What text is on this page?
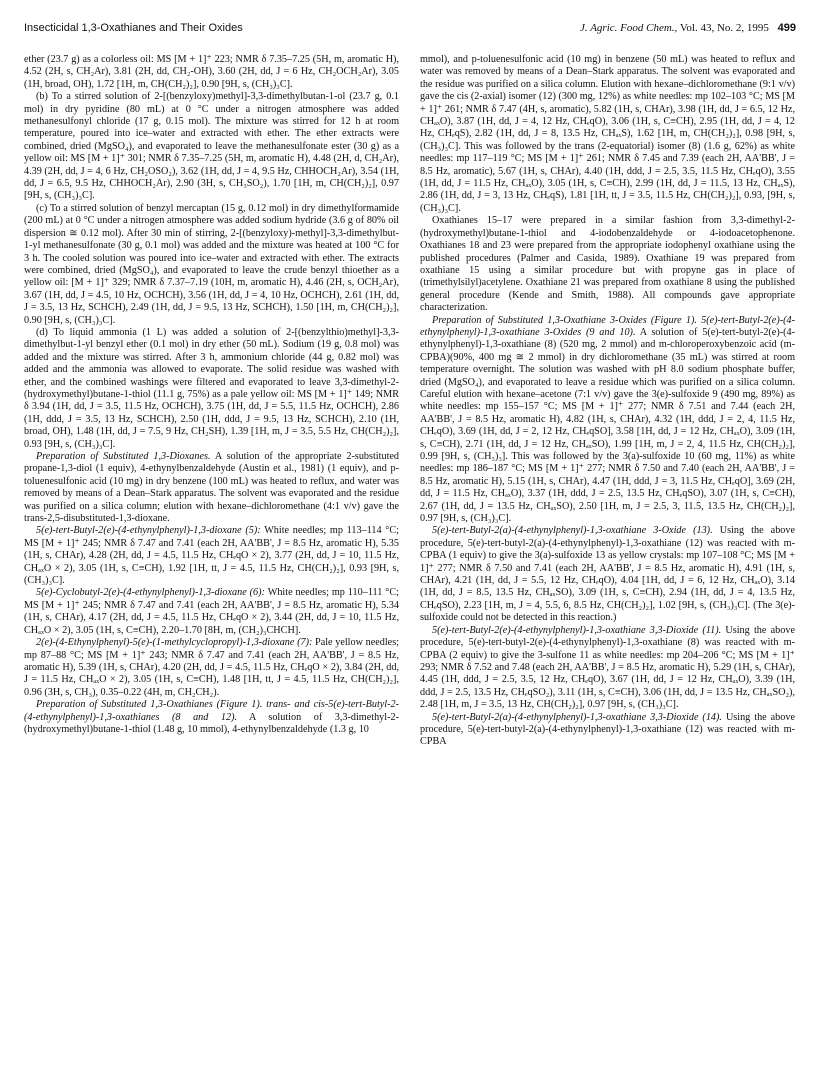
Insecticidal 1,3-Oxathianes and Their Oxides	J. Agric. Food Chem., Vol. 43, No. 2, 1995 499

ether (23.7 g) as a colorless oil: MS [M + 1]⁺ 223; NMR δ 7.35–7.25 (5H, m, aromatic H), 4.52 (2H, s, CH₂Ar), 3.81 (2H, dd, CH₂-OH), 3.60 (2H, dd, J = 6 Hz, CH₂OCH₂Ar), 3.05 (1H, broad, OH), 1.72 [1H, m, CH(CH₂)₂], 0.90 [9H, s, (CH₃)₃C].

(b) To a stirred solution of 2-[(benzyloxy)methyl]-3,3-dimethylbutan-1-ol (23.7 g, 0.1 mol) in dry pyridine (80 mL) at 0 °C under a nitrogen atmosphere was added methanesulfonyl chloride (17 g, 0.15 mol). The mixture was stirred for 12 h at room temperature, poured into ice–water and extracted with ether. The ether extracts were combined, dried (MgSO₄), and evaporated to leave the methanesulfonate ester (30 g) as a yellow oil: MS [M + 1]⁺ 301; NMR δ 7.35–7.25 (5H, m, aromatic H), 4.48 (2H, d, CH₂Ar), 4.39 (2H, dd, J = 4, 6 Hz, CH₂OSO₂), 3.62 (1H, dd, J = 4, 9.5 Hz, CHHOCH₂Ar), 3.54 (1H, dd, J = 6.5, 9.5 Hz, CHHOCH₂Ar), 2.90 (3H, s, CH₃SO₂), 1.70 [1H, m, CH(CH₂)₂], 0.97 [9H, s, (CH₃)₃C].

(c) To a stirred solution of benzyl mercaptan (15 g, 0.12 mol) in dry dimethylformamide (200 mL) at 0 °C under a nitrogen atmosphere was added sodium hydride (3.6 g of 80% oil dispersion ≅ 0.12 mol). After 30 min of stirring, 2-[(benzyloxy)-methyl]-3,3-dimethylbut-1-yl methanesulfonate (30 g, 0.1 mol) was added and the mixture was heated at 100 °C for 3 h. The cooled solution was poured into ice–water and extracted with ether. The extracts were combined, dried (MgSO₄), and evaporated to leave the crude benzyl thioether as a yellow oil: [M + 1]⁺ 329; NMR δ 7.37–7.19 (10H, m, aromatic H), 4.46 (2H, s, OCH₂Ar), 3.67 (1H, dd, J = 4.5, 10 Hz, OCHCH), 3.56 (1H, dd, J = 4, 10 Hz, OCHCH), 2.61 (1H, dd, J = 3.5, 13 Hz, SCHCH), 2.49 (1H, dd, J = 9.5, 13 Hz, SCHCH), 1.50 [1H, m, CH(CH₂)₂], 0.90 [9H, s, (CH₃)₃C].

(d) To liquid ammonia (1 L) was added a solution of 2-[(benzylthio)methyl]-3,3-dimethylbut-1-yl benzyl ether (0.1 mol) in dry ether (50 mL). Sodium (19 g, 0.8 mol) was added and the mixture was stirred. After 3 h, ammonium chloride (44 g, 0.82 mol) was added and the ammonia was allowed to evaporate. The solid residue was washed with ether, and the combined washings were filtered and evaporated to leave 3,3-dimethyl-2-(hydroxymethyl)butane-1-thiol (11.1 g, 75%) as a pale yellow oil: MS [M + 1]⁺ 149; NMR δ 3.94 (1H, dd, J = 3.5, 11.5 Hz, OCHCH), 3.75 (1H, dd, J = 5.5, 11.5 Hz, OCHCH), 2.86 (1H, ddd, J = 3.5, 13 Hz, SCHCH), 2.50 (1H, ddd, J = 9.5, 13 Hz, SCHCH), 2.10 (1H, broad, OH), 1.48 (1H, dd, J = 7.5, 9 Hz, CH₂SH), 1.39 [1H, m, J = 3.5, 5.5 Hz, CH(CH₂)₂], 0.93 [9H, s, (CH₃)₃C].

Preparation of Substituted 1,3-Dioxanes. A solution of the appropriate 2-substituted propane-1,3-diol (1 equiv), 4-ethynylbenzaldehyde (Austin et al., 1981) (1 equiv), and p-toluenesulfonic acid (10 mg) in dry benzene (100 mL) was heated to reflux, and water was removed by means of a Dean–Stark apparatus. The solvent was evaporated and the residue was purified on a silica column; elution with hexane–dichloromethane (4:1 v/v) gave the trans-2,5-disubstituted-1,3-dioxane.

5(e)-tert-Butyl-2(e)-(4-ethynylphenyl)-1,3-dioxane (5): White needles; mp 113–114 °C; MS [M + 1]⁺ 245; NMR δ 7.47 and 7.41 (each 2H, AA'BB', J = 8.5 Hz, aromatic H), 5.35 (1H, s, CHAr), 4.28 (2H, dd, J = 4.5, 11.5 Hz, CHₑqO × 2), 3.77 (2H, dd, J = 10, 11.5 Hz, CHₐₓO × 2), 3.05 (1H, s, C≡CH), 1.92 [1H, tt, J = 4.5, 11.5 Hz, CH(CH₂)₂], 0.93 [9H, s, (CH₃)₃C].

5(e)-Cyclobutyl-2(e)-(4-ethynylphenyl)-1,3-dioxane (6): White needles; mp 110–111 °C; MS [M + 1]⁺ 245; NMR δ 7.47 and 7.41 (each 2H, AA'BB', J = 8.5 Hz, aromatic H), 5.34 (1H, s, CHAr), 4.17 (2H, dd, J = 4.5, 11.5 Hz, CHₑqO × 2), 3.44 (2H, dd, J = 10, 11.5 Hz, CHₐₓO × 2), 3.05 (1H, s, C≡CH), 2.20–1.70 [8H, m, (CH₂)₃CHCH].

2(e)-(4-Ethynylphenyl)-5(e)-(1-methylcyclopropyl)-1,3-dioxane (7): Pale yellow needles; mp 87–88 °C; MS [M + 1]⁺ 243; NMR δ 7.47 and 7.41 (each 2H, AA'BB', J = 8.5 Hz, aromatic H), 5.39 (1H, s, CHAr), 4.20 (2H, dd, J = 4.5, 11.5 Hz, CHₑqO × 2), 3.84 (2H, dd, J = 11.5 Hz, CHₐₓO × 2), 3.05 (1H, s, C≡CH), 1.48 [1H, tt, J = 4.5, 11.5 Hz, CH(CH₂)₂], 0.96 (3H, s, CH₃), 0.35–0.22 (4H, m, CH₂CH₂).

Preparation of Substituted 1,3-Oxathianes (Figure 1). trans- and cis-5(e)-tert-Butyl-2-(4-ethynylphenyl)-1,3-oxathianes (8 and 12). A solution of 3,3-dimethyl-2-(hydroxymethyl)butane-1-thiol (1.48 g, 10 mmol), 4-ethynylbenzaldehyde (1.3 g, 10

mmol), and p-toluenesulfonic acid (10 mg) in benzene (50 mL) was heated to reflux and water was removed by means of a Dean–Stark apparatus. The solvent was evaporated and the residue was purified on a silica column. Elution with hexane–dichloromethane (9:1 v/v) gave the cis (2-axial) isomer (12) (300 mg, 12%) as white needles: mp 102–103 °C; MS [M + 1]⁺ 261; NMR δ 7.47 (4H, s, aromatic), 5.82 (1H, s, CHAr), 3.98 (1H, dd, J = 6.5, 12 Hz, CHₐₓO), 3.87 (1H, dd, J = 4, 12 Hz, CHₑqO), 3.06 (1H, s, C≡CH), 2.95 (1H, dd, J = 4, 12 Hz, CHₑqS), 2.82 (1H, dd, J = 8, 13.5 Hz, CHₐₓS), 1.62 [1H, m, CH(CH₂)₂], 0.98 [9H, s, (CH₃)₃C]. This was followed by the trans (2-equatorial) isomer (8) (1.6 g, 62%) as white needles: mp 117–119 °C; MS [M + 1]⁺ 261; NMR δ 7.45 and 7.39 (each 2H, AA'BB', J = 8.5 Hz, aromatic), 5.67 (1H, s, CHAr), 4.40 (1H, ddd, J = 2.5, 3.5, 11.5 Hz, CHₑqO), 3.55 (1H, dd, J = 11.5 Hz, CHₐₓO), 3.05 (1H, s, C≡CH), 2.99 (1H, dd, J = 11.5, 13 Hz, CHₐₓS), 2.86 (1H, dd, J = 3, 13 Hz, CHₑqS), 1.81 [1H, tt, J = 3.5, 11.5 Hz, CH(CH₂)₂], 0.93, [9H, s, (CH₃)₃C].

Oxathianes 15–17 were prepared in a similar fashion from 3,3-dimethyl-2-(hydroxymethyl)butane-1-thiol and 4-iodobenzaldehyde or 4-iodoacetophenone. Oxathianes 18 and 23 were prepared from the appropriate iodophenyl oxathiane using the published procedures (Palmer and Casida, 1989). Oxathiane 19 was prepared from oxathiane 15 using a similar procedure but with propyne gas in place of (trimethylsilyl)acetylene. Oxathiane 21 was prepared from oxathiane 8 using the published general procedure (Kende and Smith, 1988). All compounds gave appropriate characterization.

Preparation of Substituted 1,3-Oxathiane 3-Oxides (Figure 1). 5(e)-tert-Butyl-2(e)-(4-ethynylphenyl)-1,3-oxathiane 3-Oxides (9 and 10). A solution of 5(e)-tert-butyl-2(e)-(4-ethynylphenyl)-1,3-oxathiane (8) (520 mg, 2 mmol) and m-chloroperoxybenzoic acid (m-CPBA)(90%, 400 mg ≅ 2 mmol) in dry dichloromethane (35 mL) was stirred at room temperature overnight. The solution was washed with pH 8.0 sodium phosphate buffer, dried (MgSO₄), and evaporated to leave a residue which was purified on a silica column. Careful elution with hexane–acetone (7:1 v/v) gave the 3(e)-sulfoxide 9 (490 mg, 89%) as white needles: mp 155–157 °C; MS [M + 1]⁺ 277; NMR δ 7.51 and 7.44 (each 2H, AA'BB', J = 8.5 Hz, aromatic H), 4.82 (1H, s, CHAr), 4.32 (1H, ddd, J = 2, 4, 11.5 Hz, CHₑqO), 3.69 (1H, dd, J = 2, 12 Hz, CHₑqSO], 3.58 [1H, dd, J = 12 Hz, CHₐₓO), 3.09 (1H, s, C≡CH), 2.71 (1H, dd, J = 12 Hz, CHₐₓSO), 1.99 [1H, m, J = 2, 4, 11.5 Hz, CH(CH₂)₂], 0.99 [9H, s, (CH₃)₃]. This was followed by the 3(a)-sulfoxide 10 (60 mg, 11%) as white needles: mp 186–187 °C; MS [M + 1]⁺ 277; NMR δ 7.50 and 7.40 (each 2H, AA'BB', J = 8.5 Hz, aromatic H), 5.15 (1H, s, CHAr), 4.47 (1H, ddd, J = 3, 11.5 Hz, CHₑqO], 3.69 (2H, dd, J = 11.5 Hz, CHₐₓO), 3.37 (1H, ddd, J = 2.5, 13.5 Hz, CHₑqSO), 3.07 (1H, s, C≡CH), 2.67 (1H, dd, J = 13.5 Hz, CHₐₓSO), 2.50 [1H, m, J = 2.5, 3, 11.5, 13.5 Hz, CH(CH₂)₂], 0.97 [9H, s, (CH₃)₃C].

5(e)-tert-Butyl-2(a)-(4-ethynylphenyl)-1,3-oxathiane 3-Oxide (13). Using the above procedure, 5(e)-tert-butyl-2(a)-(4-ethynylphenyl)-1,3-oxathiane (12) was reacted with m-CPBA (1 equiv) to give the 3(a)-sulfoxide 13 as yellow crystals: mp 107–108 °C; MS [M + 1]⁺ 277; NMR δ 7.50 and 7.41 (each 2H, AA'BB', J = 8.5 Hz, aromatic H), 4.91 (1H, s, CHAr), 4.21 (1H, dd, J = 5.5, 12 Hz, CHₑqO), 4.04 [1H, dd, J = 6, 12 Hz, CHₐₓO), 3.14 (1H, dd, J = 8.5, 13.5 Hz, CHₐₓSO), 3.09 (1H, s, C≡CH), 2.94 (1H, dd, J = 4, 13.5 Hz, CHₑqSO), 2.23 [1H, m, J = 4, 5.5, 6, 8.5 Hz, CH(CH₂)₂], 1.02 [9H, s, (CH₃)₃C]. (The 3(e)-sulfoxide could not be detected in this reaction.)

5(e)-tert-Butyl-2(e)-(4-ethynylphenyl)-1,3-oxathiane 3,3-Dioxide (11). Using the above procedure, 5(e)-tert-butyl-2(e)-(4-ethynylphenyl)-1,3-oxathiane (8) was reacted with m-CPBA (2 equiv) to give the 3-sulfone 11 as white needles: mp 204–206 °C; MS [M + 1]⁺ 293; NMR δ 7.52 and 7.48 (each 2H, AA'BB', J = 8.5 Hz, aromatic H), 5.29 (1H, s, CHAr), 4.45 (1H, ddd, J = 2.5, 3.5, 12 Hz, CHₑqO), 3.67 (1H, dd, J = 12 Hz, CHₐₓO), 3.39 (1H, ddd, J = 2.5, 13.5 Hz, CHₑqSO₂), 3.11 (1H, s, C≡CH), 3.06 (1H, dd, J = 13.5 Hz, CHₐₓSO₂), 2.48 [1H, m, J = 3.5, 13 Hz, CH(CH₂)₂], 0.97 [9H, s, (CH₃)₃C].

5(e)-tert-Butyl-2(a)-(4-ethynylphenyl)-1,3-oxathiane 3,3-Dioxide (14). Using the above procedure, 5(e)-tert-butyl-2(a)-(4-ethynylphenyl)-1,3-oxathiane (12) was reacted with m-CPBA
